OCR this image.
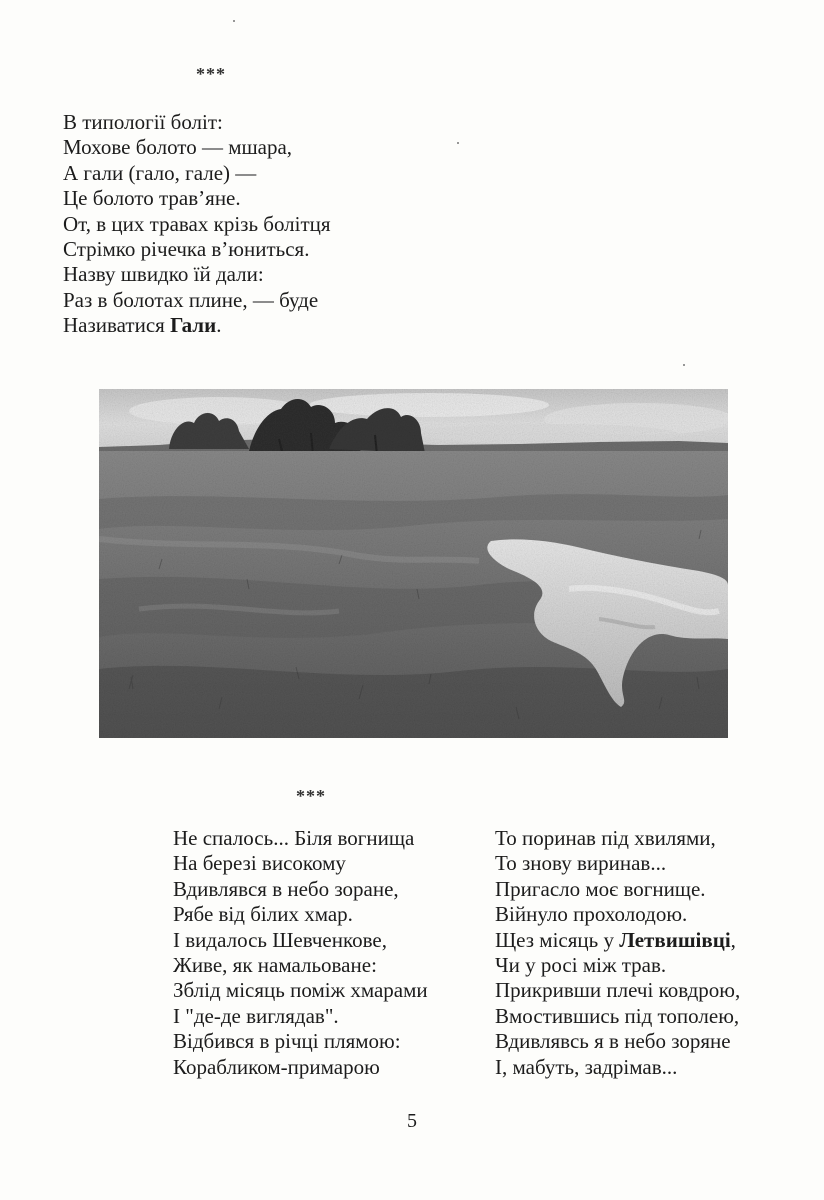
***
В типології боліт:
Мохове болото — мшара,
А гали (гало, гале) —
Це болото трав’яне.
От, в цих травах крізь болітця
Стрімко річечка в’юниться.
Назву швидко їй дали:
Раз в болотах плине, — буде
Називатися Гали.
***
Не спалось... Біля вогнища
На березі високому
Вдивлявся в небо зоране,
Рябе від білих хмар.
І видалось Шевченкове,
Живе, як намальоване:
Зблід місяць поміж хмарами
І "де-де виглядав".
Відбився в річці плямою:
Корабликом-примарою
То поринав під хвилями,
То знову виринав...
Пригасло моє вогнище.
Війнуло прохолодою.
Щез місяць у Летвишівці,
Чи у росі між трав.
Прикривши плечі ковдрою,
Вмостившись під тополею,
Вдивлявсь я в небо зоряне
І, мабуть, задрімав...
5
